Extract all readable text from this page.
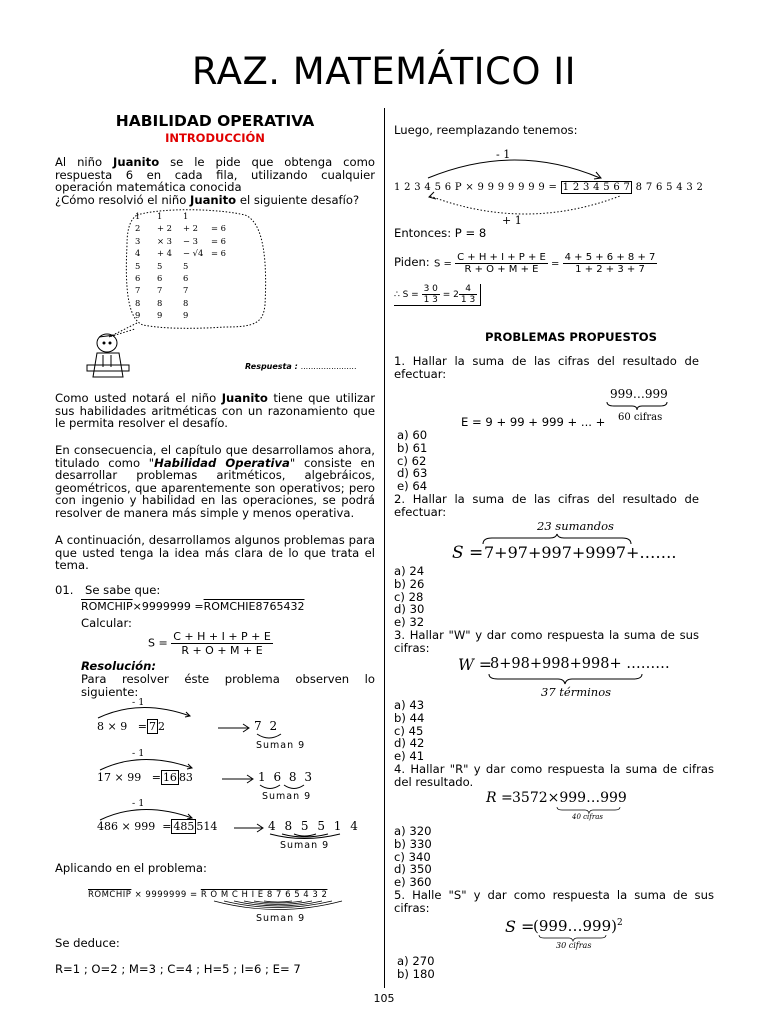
RAZ. MATEMÁTICO II
HABILIDAD OPERATIVA
INTRODUCCIÓN
Al niño Juanito se le pide que obtenga como respuesta 6 en cada fila, utilizando cualquier operación matemática conocida
¿Cómo resolvió el niño Juanito el siguiente desafío?
1 1 1
2 + 2 + 2 = 6
3 × 3 − 3 = 6
4 + 4 − √4 = 6
5 5 5
6 6 6
7 7 7
8 8 8
9 9 9
Respuesta : ......................
Como usted notará el niño Juanito tiene que utilizar sus habilidades aritméticas con un razonamiento que le permita resolver el desafío.
En consecuencia, el capítulo que desarrollamos ahora, titulado como "Habilidad Operativa" consiste en desarrollar problemas aritméticos, algebráicos, geométricos, que aparentemente son operativos; pero con ingenio y habilidad en las operaciones, se podrá resolver de manera más simple y menos operativa.
A continuación, desarrollamos algunos problemas para que usted tenga la idea más clara de lo que trata el tema.
01. Se sabe que:
ROMCHIP×9999999 =ROMCHIE8765432
Calcular:
$S = \frac{C + H + I + P + E}{R + O + M + E}$
Resolución:
Para resolver éste problema observen lo siguiente:
- 1
8 × 9   = 7 2	7 2
Suman 9
- 1
17 × 99   = 16 83	1 6 8 3
Suman 9
- 1
486 × 999  = 485 514	4 8 5 5 1 4
Suman 9
Aplicando en el problema:
ROMCHIP × 9999999 = R O M C H I E 8 7 6 5 4 3 2
Suman 9
Se deduce:
R=1 ; O=2 ; M=3 ; C=4 ; H=5 ; I=6 ; E= 7
Luego, reemplazando tenemos:
- 1
1 2 3 4 5 6 P × 9 9 9 9 9 9 9 = 1 2 3 4 5 6 7 8 7 6 5 4 3 2
+ 1
Entonces: P = 8
Piden: $S = \frac{C + H + I + P + E}{R + O + M + E} = \frac{4 + 5 + 6 + 8 + 7}{1 + 2 + 3 + 7}$
∴ $S = \frac{3 0}{1 3} = 2 \frac{4}{1 3}$
PROBLEMAS PROPUESTOS
1. Hallar la suma de las cifras del resultado de efectuar:
999…999
E = 9 + 99 + 999 + ... + 60 cifras
a) 60
b) 61
c) 62
d) 63
e) 64
2. Hallar la suma de las cifras del resultado de efectuar:
23 sumandos
S = 7+97+997+9997+…….
a) 24
b) 26
c) 28
d) 30
e) 32
3. Hallar "W" y dar como respuesta la suma de sus cifras:
W =
8+98+998+998+ ………
37 términos
a) 43
b) 44
c) 45
d) 42
e) 41
4. Hallar "R" y dar como respuesta la suma de cifras del resultado.
R = 3572×999…999
40 cifras
a) 320
b) 330
c) 340
d) 350
e) 360
5. Halle "S" y dar como respuesta la suma de sus cifras:
S =
(999…999)$^2$
30 cifras
a) 270
b) 180
105
